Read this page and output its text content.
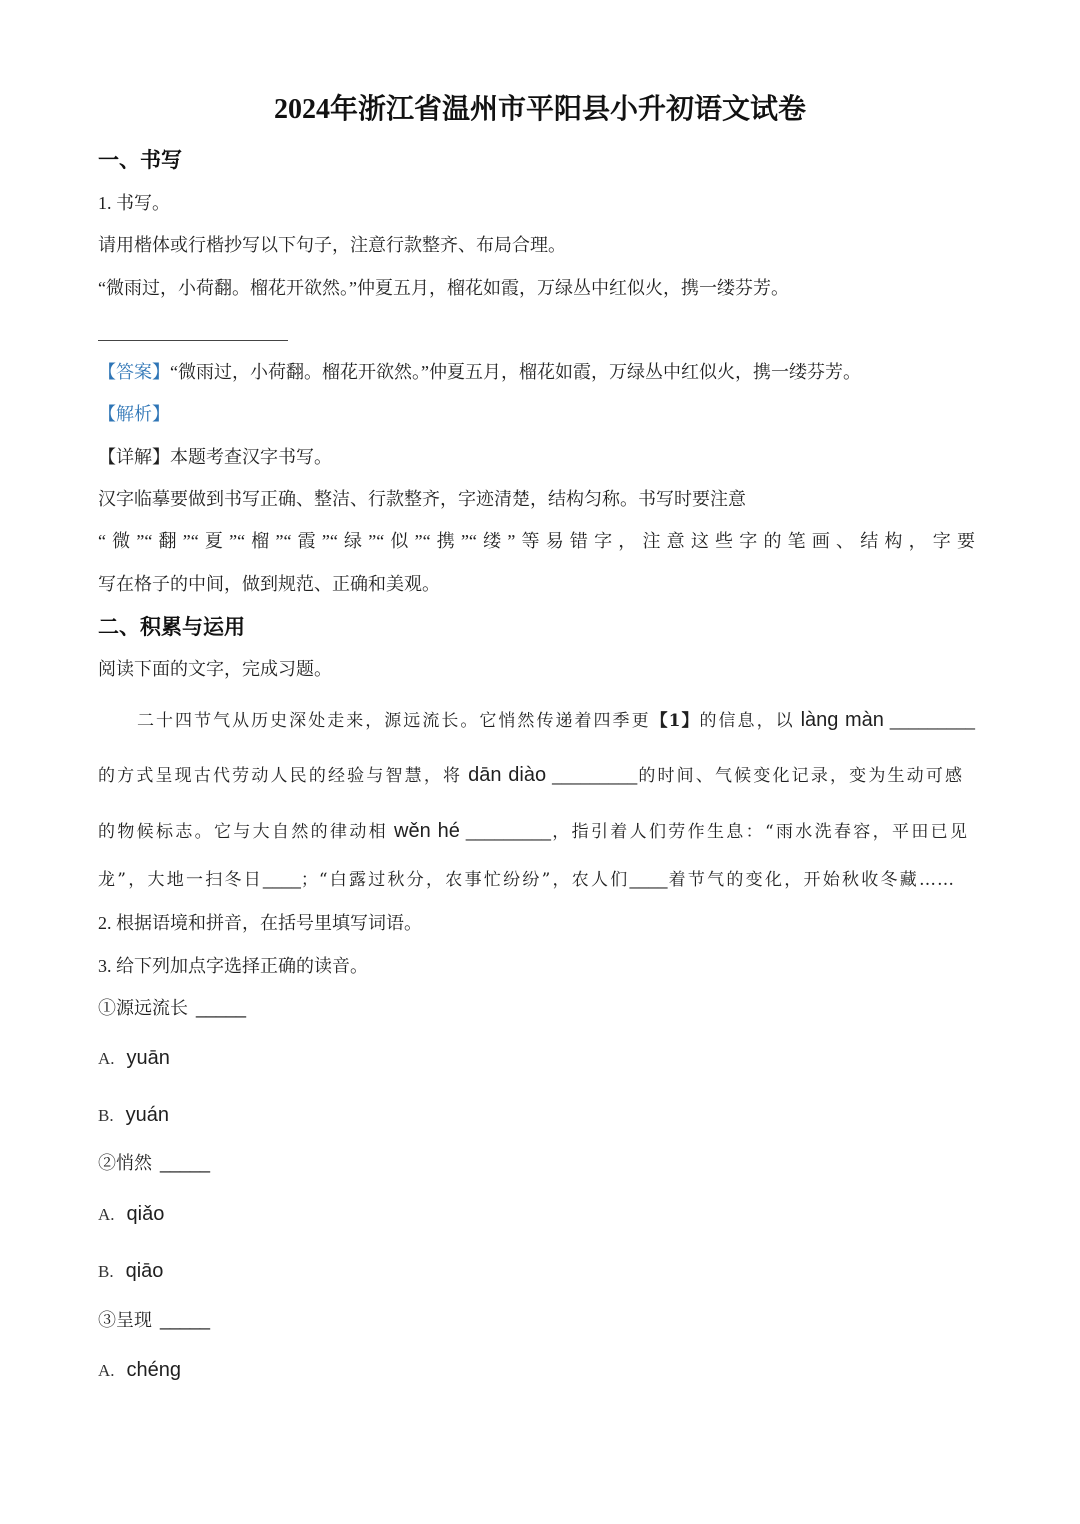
2024年浙江省温州市平阳县小升初语文试卷
一、书写
1. 书写。
请用楷体或行楷抄写以下句子，注意行款整齐、布局合理。
“微雨过，小荷翻。榴花开欲然。”仲夏五月，榴花如霞，万绿丛中红似火，携一缕芬芳。
【答案】“微雨过，小荷翻。榴花开欲然。”仲夏五月，榴花如霞，万绿丛中红似火，携一缕芬芳。
【解析】
【详解】本题考查汉字书写。
汉字临摹要做到书写正确、整洁、行款整齐，字迹清楚，结构匀称。书写时要注意
“微”“翻”“夏”“榴”“霞”“绿”“似”“携”“缕”等易错字，注意这些字的笔画、结构，字要
写在格子的中间，做到规范、正确和美观。
二、积累与运用
阅读下面的文字，完成习题。
二十四节气从历史深处走来，源远流长。它悄然传递着四季更【1】的信息，以 làng màn _________
的方式呈现古代劳动人民的经验与智慧，将 dān diào _________的时间、气候变化记录，变为生动可感
的物候标志。它与大自然的律动相 wěn hé _________，指引着人们劳作生息：“雨水洗春容，平田已见
龙”，大地一扫冬日____；“白露过秋分，农事忙纷纷”，农人们____着节气的变化，开始秋收冬藏……
2. 根据语境和拼音，在括号里填写词语。
3. 给下列加点字选择正确的读音。
①源远流长 _____
A. yuān
B. yuán
②悄然 _____
A. qiǎo
B. qiāo
③呈现 _____
A. chéng
